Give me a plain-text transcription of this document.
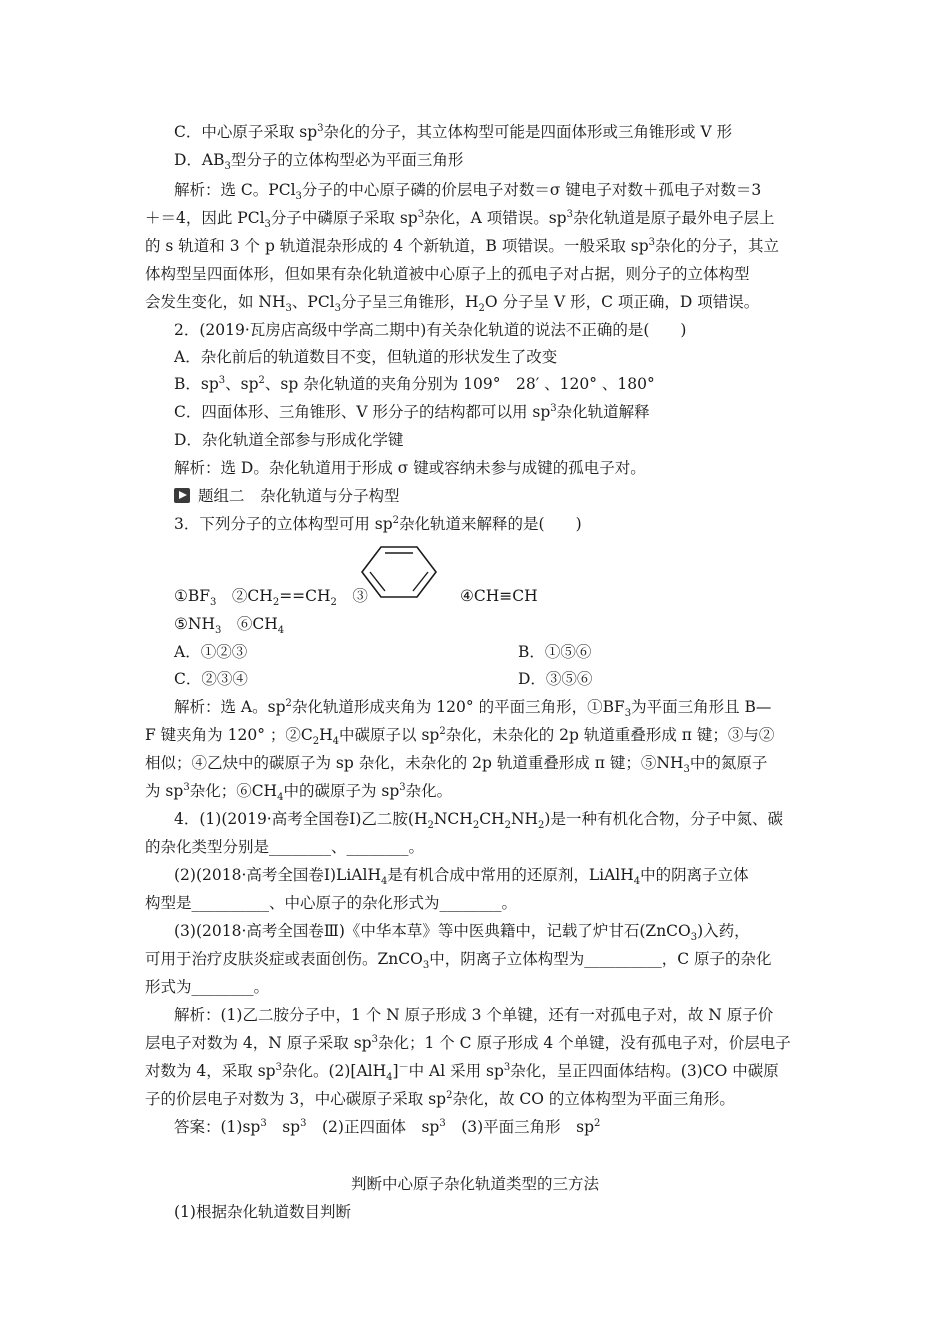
C．中心原子采取 $sp^3$杂化的分子，其立体构型可能是四面体形或三角锥形或 V 形
D．$AB_3$型分子的立体构型必为平面三角形
解析：选 C。PCl$_3$分子的中心原子磷的价层电子对数＝σ 键电子对数＋孤电子对数＝3
＋＝4，因此 PCl$_3$分子中磷原子采取 $sp^3$杂化，A 项错误。$sp^3$杂化轨道是原子最外电子层上
的 s 轨道和 3 个 p 轨道混杂形成的 4 个新轨道，B 项错误。一般采取 $sp^3$杂化的分子，其立
体构型呈四面体形，但如果有杂化轨道被中心原子上的孤电子对占据，则分子的立体构型
会发生变化，如 $NH_3$、PCl$_3$分子呈三角锥形，$H_2O$ 分子呈 V 形，C 项正确，D 项错误。
2．(2019·瓦房店高级中学高二期中)有关杂化轨道的说法不正确的是(　　)
A．杂化前后的轨道数目不变，但轨道的形状发生了改变
B．$sp^3$、$sp^2$、sp 杂化轨道的夹角分别为 109°　28′ 、120° 、180°
C．四面体形、三角锥形、V 形分子的结构都可以用 $sp^3$杂化轨道解释
D．杂化轨道全部参与形成化学键
解析：选 D。杂化轨道用于形成 σ 键或容纳未参与成键的孤电子对。
题组二　杂化轨道与分子构型
3．下列分子的立体构型可用 $sp^2$杂化轨道来解释的是(　　)
$①BF_3$　$②CH_2==CH_2$　③	④CH≡CH
$⑤NH_3$　$⑥CH_4$
A．①②③	B．①⑤⑥
C．②③④	D．③⑤⑥
解析：选 A。$sp^2$杂化轨道形成夹角为 120° 的平面三角形，$①BF_3$为平面三角形且 B—
F 键夹角为 120° ；$②C_2H_4$中碳原子以 $sp^2$杂化，未杂化的 2p 轨道重叠形成 π 键；③与②
相似；④乙炔中的碳原子为 sp 杂化，未杂化的 2p 轨道重叠形成 π 键；$⑤NH_3$中的氮原子
为 $sp^3$杂化；$⑥CH_4$中的碳原子为 $sp^3$杂化。
4．(1)(2019·高考全国卷Ⅰ)乙二胺$(H_2NCH_2CH_2NH_2)$是一种有机化合物，分子中氮、碳
的杂化类型分别是________、________。
(2)(2018·高考全国卷Ⅰ)LiAlH$_4$是有机合成中常用的还原剂，LiAlH$_4$中的阴离子立体
构型是__________、中心原子的杂化形式为________。
(3)(2018·高考全国卷Ⅲ)《中华本草》等中医典籍中，记载了炉甘石(ZnCO$_3$)入药，
可用于治疗皮肤炎症或表面创伤。ZnCO$_3$中，阴离子立体构型为__________，C 原子的杂化
形式为________。
解析：(1)乙二胺分子中，1 个 N 原子形成 3 个单键，还有一对孤电子对，故 N 原子价
层电子对数为 4，N 原子采取 $sp^3$杂化；1 个 C 原子形成 4 个单键，没有孤电子对，价层电子
对数为 4，采取 $sp^3$杂化。(2)[AlH$_4$]－中 Al 采用 $sp^3$杂化，呈正四面体结构。(3)CO 中碳原
子的价层电子对数为 3，中心碳原子采取 $sp^2$杂化，故 CO 的立体构型为平面三角形。
答案：$(1)sp^3$　$sp^3$　(2)正四面体　$sp^3$　(3)平面三角形　$sp^2$
判断中心原子杂化轨道类型的三方法
(1)根据杂化轨道数目判断
